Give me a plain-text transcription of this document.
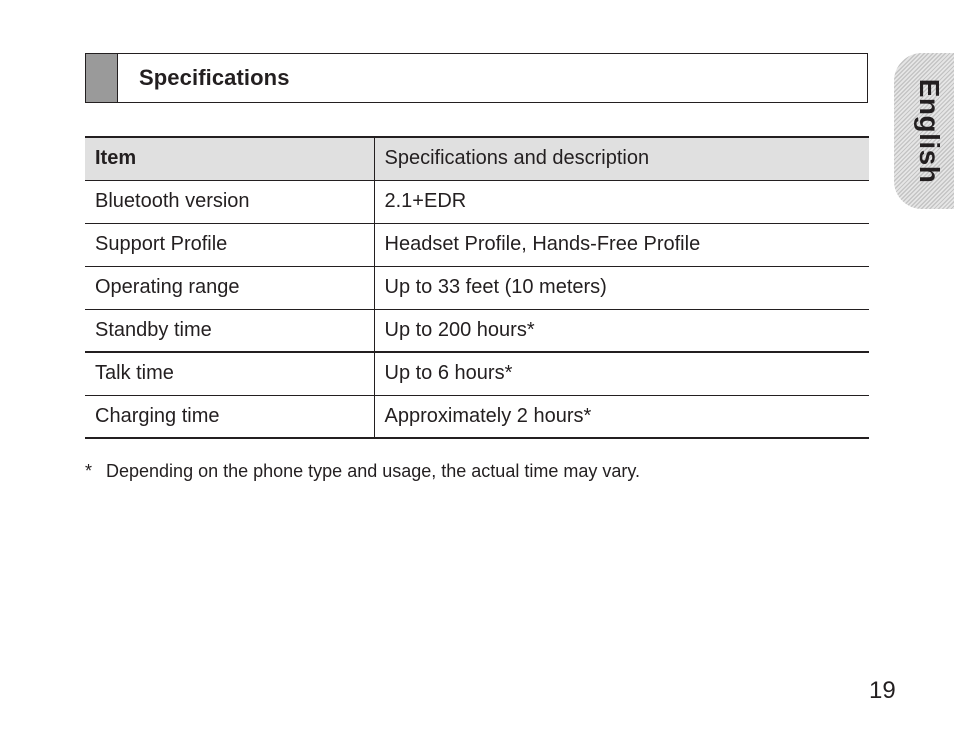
Specifications
English
Item	Specifications and description
Bluetooth version	2.1+EDR
Support Profile	Headset Profile, Hands-Free Profile
Operating range	Up to 33 feet (10 meters)
Standby time	Up to 200 hours*
Talk time	Up to 6 hours*
Charging time	Approximately 2 hours*
* Depending on the phone type and usage, the actual time may vary.
19
